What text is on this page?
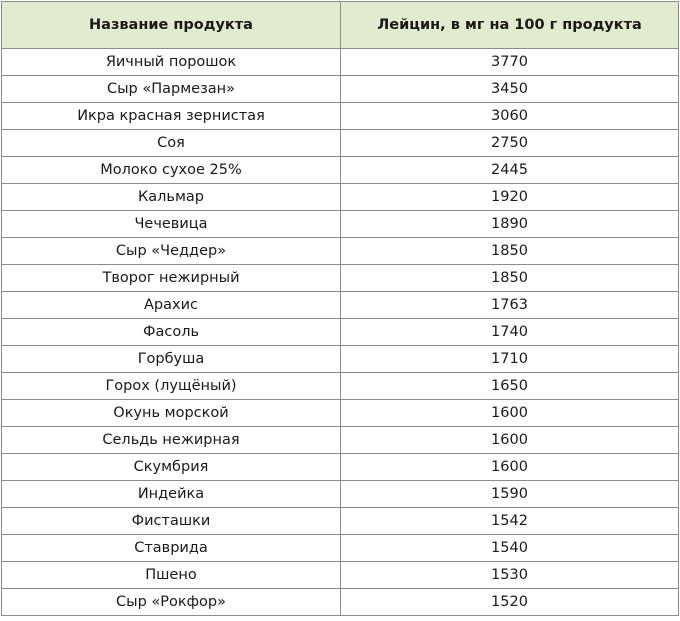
Название продукта	Лейцин, в мг на 100 г продукта
Яичный порошок	3770
Сыр «Пармезан»	3450
Икра красная зернистая	3060
Соя	2750
Молоко сухое 25%	2445
Кальмар	1920
Чечевица	1890
Сыр «Чеддер»	1850
Творог нежирный	1850
Арахис	1763
Фасоль	1740
Горбуша	1710
Горох (лущёный)	1650
Окунь морской	1600
Сельдь нежирная	1600
Скумбрия	1600
Индейка	1590
Фисташки	1542
Ставрида	1540
Пшено	1530
Сыр «Рокфор»	1520
